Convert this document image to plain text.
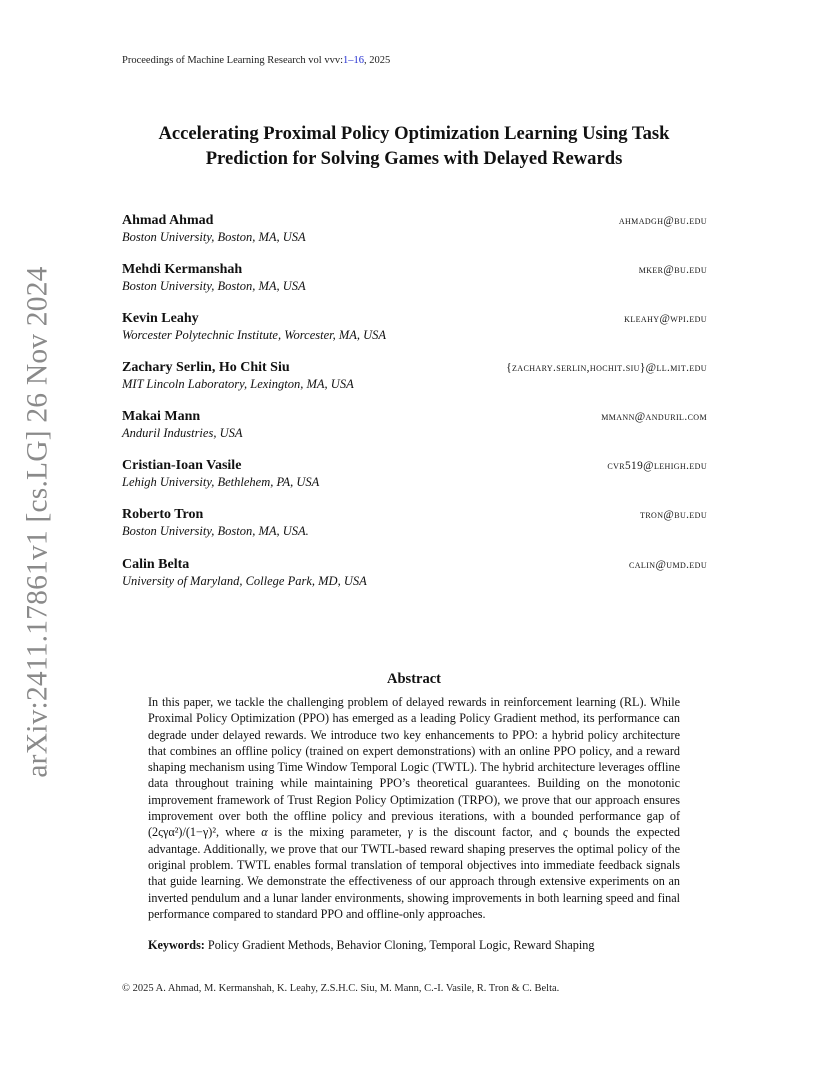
arXiv:2411.17861v1 [cs.LG] 26 Nov 2024
Proceedings of Machine Learning Research vol vvv:1–16, 2025
Accelerating Proximal Policy Optimization Learning Using Task
Prediction for Solving Games with Delayed Rewards
Ahmad Ahmad
Boston University, Boston, MA, USA
ahmadgh@bu.edu
Mehdi Kermanshah
Boston University, Boston, MA, USA
mker@bu.edu
Kevin Leahy
Worcester Polytechnic Institute, Worcester, MA, USA
kleahy@wpi.edu
Zachary Serlin, Ho Chit Siu
MIT Lincoln Laboratory, Lexington, MA, USA
{zachary.serlin,hochit.siu}@ll.mit.edu
Makai Mann
Anduril Industries, USA
mmann@anduril.com
Cristian-Ioan Vasile
Lehigh University, Bethlehem, PA, USA
cvr519@lehigh.edu
Roberto Tron
Boston University, Boston, MA, USA.
tron@bu.edu
Calin Belta
University of Maryland, College Park, MD, USA
calin@umd.edu
Abstract
In this paper, we tackle the challenging problem of delayed rewards in reinforcement learning (RL). While Proximal Policy Optimization (PPO) has emerged as a leading Policy Gradient method, its performance can degrade under delayed rewards. We introduce two key enhancements to PPO: a hybrid policy architecture that combines an offline policy (trained on expert demonstrations) with an online PPO policy, and a reward shaping mechanism using Time Window Temporal Logic (TWTL). The hybrid architecture leverages offline data throughout training while maintaining PPO’s theoretical guarantees. Building on the monotonic improvement framework of Trust Region Policy Optimization (TRPO), we prove that our approach ensures improvement over both the offline policy and previous iterations, with a bounded performance gap of (2ςγα²)/(1−γ)², where α is the mixing parameter, γ is the discount factor, and ς bounds the expected advantage. Additionally, we prove that our TWTL-based reward shaping preserves the optimal policy of the original problem. TWTL enables formal translation of temporal objectives into immediate feedback signals that guide learning. We demonstrate the effectiveness of our approach through extensive experiments on an inverted pendulum and a lunar lander environments, showing improvements in both learning speed and final performance compared to standard PPO and offline-only approaches.
Keywords: Policy Gradient Methods, Behavior Cloning, Temporal Logic, Reward Shaping
© 2025 A. Ahmad, M. Kermanshah, K. Leahy, Z.S.H.C. Siu, M. Mann, C.-I. Vasile, R. Tron & C. Belta.
